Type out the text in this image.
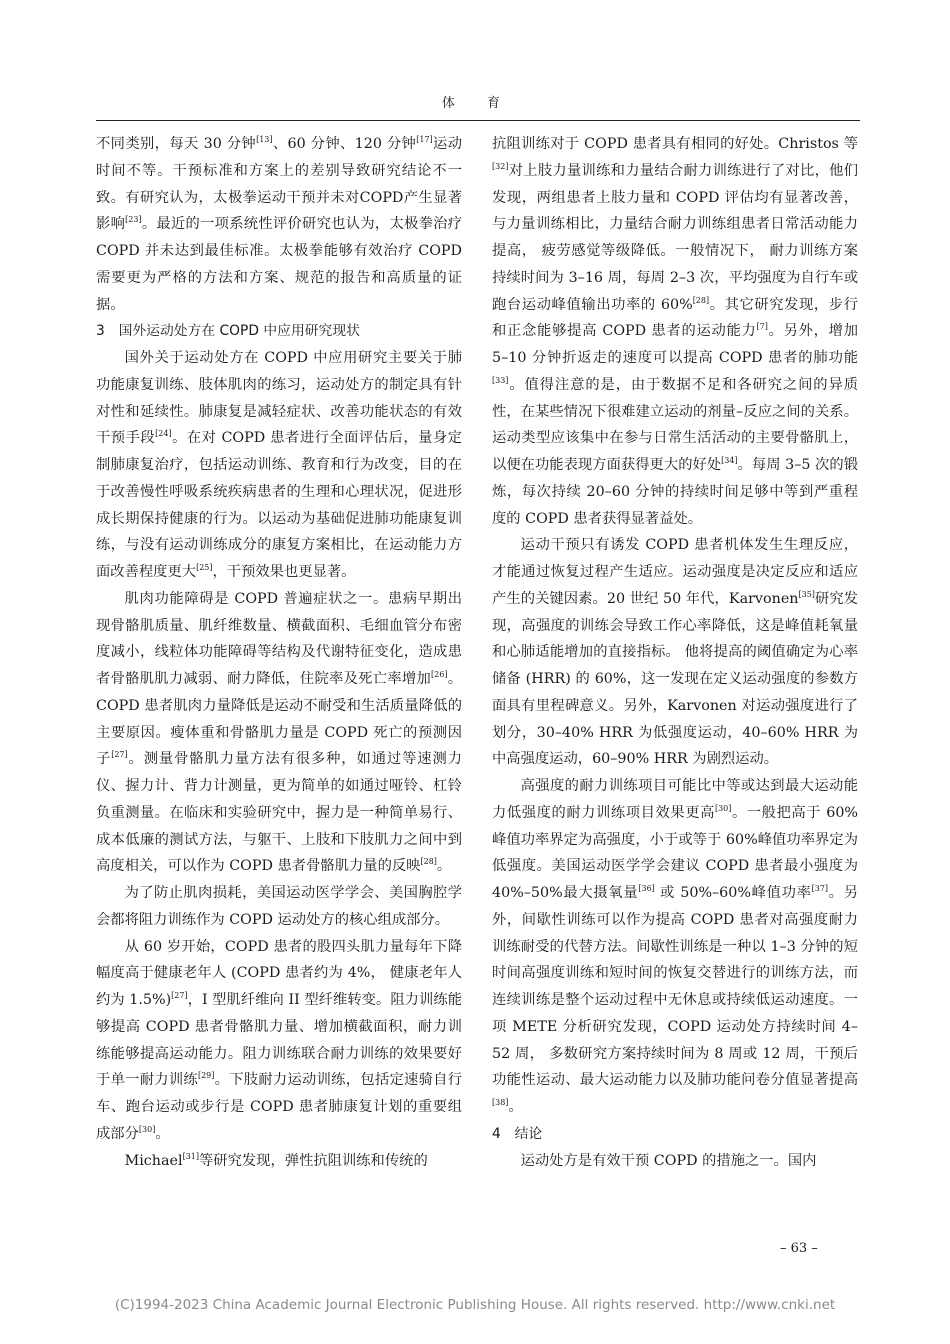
体 育

不同类别，每天 30 分钟[13]、60 分钟、120 分钟[17]运动时间不等。干预标准和方案上的差别导致研究结论不一致。有研究认为，太极拳运动干预并未对COPD产生显著影响[23]。最近的一项系统性评价研究也认为，太极拳治疗 COPD 并未达到最佳标准。太极拳能够有效治疗 COPD 需要更为严格的方法和方案、规范的报告和高质量的证据。

3　国外运动处方在 COPD 中应用研究现状

国外关于运动处方在 COPD 中应用研究主要关于肺功能康复训练、肢体肌肉的练习，运动处方的制定具有针对性和延续性。肺康复是减轻症状、改善功能状态的有效干预手段[24]。在对 COPD 患者进行全面评估后，量身定制肺康复治疗，包括运动训练、教育和行为改变，目的在于改善慢性呼吸系统疾病患者的生理和心理状况，促进形成长期保持健康的行为。以运动为基础促进肺功能康复训练，与没有运动训练成分的康复方案相比，在运动能力方面改善程度更大[25]，干预效果也更显著。

肌肉功能障碍是 COPD 普遍症状之一。患病早期出现骨骼肌质量、肌纤维数量、横截面积、毛细血管分布密度减小，线粒体功能障碍等结构及代谢特征变化，造成患者骨骼肌肌力减弱、耐力降低，住院率及死亡率增加[26]。COPD 患者肌肉力量降低是运动不耐受和生活质量降低的主要原因。瘦体重和骨骼肌力量是 COPD 死亡的预测因子[27]。测量骨骼肌力量方法有很多种，如通过等速测力仪、握力计、背力计测量，更为简单的如通过哑铃、杠铃负重测量。在临床和实验研究中，握力是一种简单易行、成本低廉的测试方法，与躯干、上肢和下肢肌力之间中到高度相关，可以作为 COPD 患者骨骼肌力量的反映[28]。

为了防止肌肉损耗，美国运动医学学会、美国胸腔学会都将阻力训练作为 COPD 运动处方的核心组成部分。

从 60 岁开始，COPD 患者的股四头肌力量每年下降幅度高于健康老年人 (COPD 患者约为 4%， 健康老年人约为 1.5%)[27]，I 型肌纤维向 II 型纤维转变。阻力训练能够提高 COPD 患者骨骼肌力量、增加横截面积，耐力训练能够提高运动能力。阻力训练联合耐力训练的效果要好于单一耐力训练[29]。下肢耐力运动训练，包括定速骑自行车、跑台运动或步行是 COPD 患者肺康复计划的重要组成部分[30]。

Michael[31]等研究发现，弹性抗阻训练和传统的

抗阻训练对于 COPD 患者具有相同的好处。Christos 等[32]对上肢力量训练和力量结合耐力训练进行了对比，他们发现，两组患者上肢力量和 COPD 评估均有显著改善，与力量训练相比，力量结合耐力训练组患者日常活动能力提高， 疲劳感觉等级降低。一般情况下， 耐力训练方案持续时间为 3–16 周，每周 2–3 次，平均强度为自行车或跑台运动峰值输出功率的 60%[28]。其它研究发现，步行和正念能够提高 COPD 患者的运动能力[7]。另外，增加 5–10 分钟折返走的速度可以提高 COPD 患者的肺功能[33]。值得注意的是，由于数据不足和各研究之间的异质性，在某些情况下很难建立运动的剂量–反应之间的关系。运动类型应该集中在参与日常生活活动的主要骨骼肌上，以便在功能表现方面获得更大的好处[34]。每周 3–5 次的锻炼，每次持续 20–60 分钟的持续时间足够中等到严重程度的 COPD 患者获得显著益处。

运动干预只有诱发 COPD 患者机体发生生理反应，才能通过恢复过程产生适应。运动强度是决定反应和适应产生的关键因素。20 世纪 50 年代，Karvonen[35]研究发现，高强度的训练会导致工作心率降低，这是峰值耗氧量和心肺适能增加的直接指标。 他将提高的阈值确定为心率储备 (HRR) 的 60%，这一发现在定义运动强度的参数方面具有里程碑意义。另外，Karvonen 对运动强度进行了划分，30–40% HRR 为低强度运动，40–60% HRR 为中高强度运动，60–90% HRR 为剧烈运动。

高强度的耐力训练项目可能比中等或达到最大运动能力低强度的耐力训练项目效果更高[30]。一般把高于 60%峰值功率界定为高强度，小于或等于 60%峰值功率界定为低强度。美国运动医学学会建议 COPD 患者最小强度为 40%–50%最大摄氧量[36] 或 50%–60%峰值功率[37]。另外，间歇性训练可以作为提高 COPD 患者对高强度耐力训练耐受的代替方法。间歇性训练是一种以 1–3 分钟的短时间高强度训练和短时间的恢复交替进行的训练方法，而连续训练是整个运动过程中无休息或持续低运动速度。一项 METE 分析研究发现，COPD 运动处方持续时间 4–52 周， 多数研究方案持续时间为 8 周或 12 周，干预后功能性运动、最大运动能力以及肺功能问卷分值显著提高[38]。

4　结论

运动处方是有效干预 COPD 的措施之一。国内

– 63 –
(C)1994-2023 China Academic Journal Electronic Publishing House. All rights reserved. http://www.cnki.net
